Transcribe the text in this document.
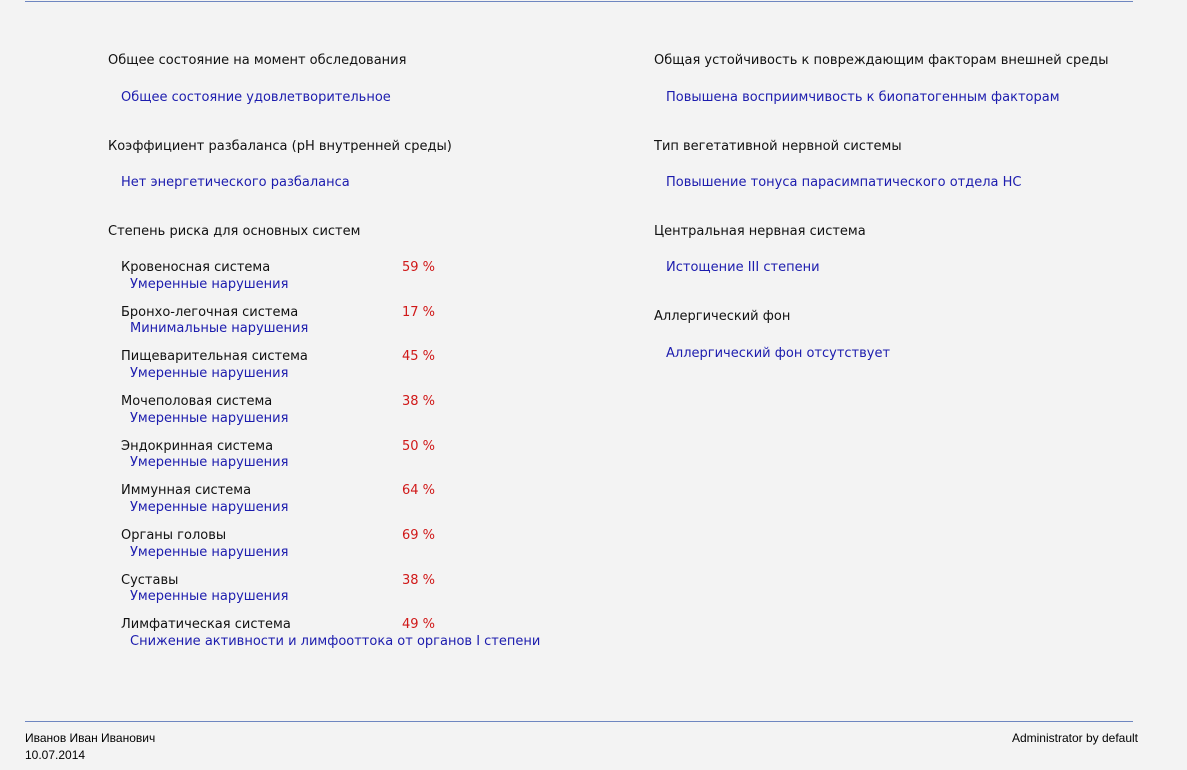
Общее состояние на момент обследования
Общее состояние удовлетворительное
Коэффициент разбаланса (pH внутренней среды)
Нет энергетического разбаланса
Степень риска для основных систем
Кровеносная система	59 %
Умеренные нарушения
Бронхо-легочная система	17 %
Минимальные нарушения
Пищеварительная система	45 %
Умеренные нарушения
Мочеполовая система	38 %
Умеренные нарушения
Эндокринная система	50 %
Умеренные нарушения
Иммунная система	64 %
Умеренные нарушения
Органы головы	69 %
Умеренные нарушения
Суставы	38 %
Умеренные нарушения
Лимфатическая система	49 %
Снижение активности и лимфооттока от органов I степени
Общая устойчивость к повреждающим факторам внешней среды
Повышена восприимчивость к биопатогенным факторам
Тип вегетативной нервной системы
Повышение тонуса парасимпатического отдела НС
Центральная нервная система
Истощение III степени
Аллергический фон
Аллергический фон отсутствует
Иванов Иван Иванович
10.07.2014
Administrator by default
